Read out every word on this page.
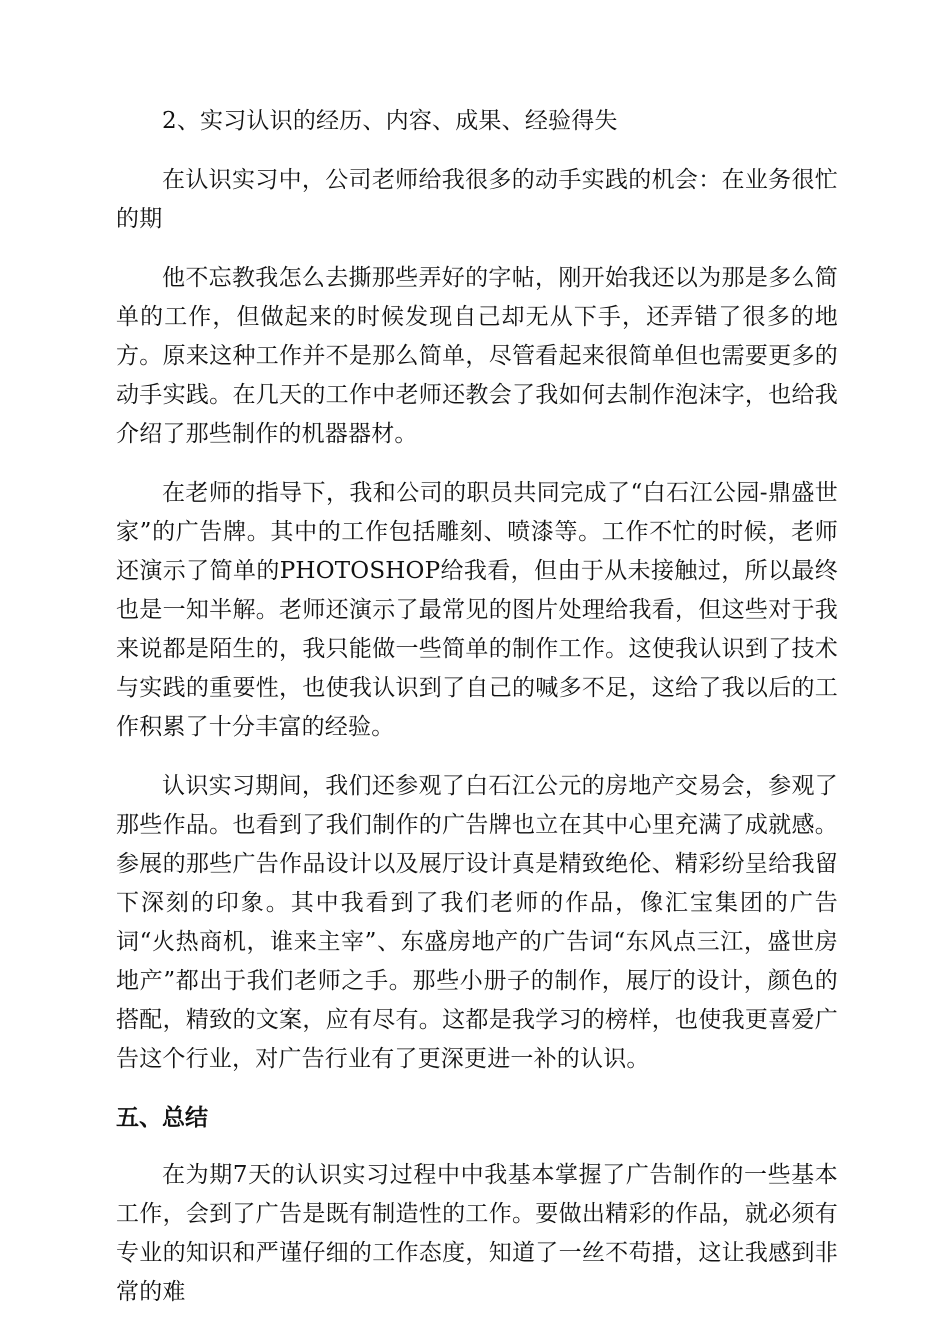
2、实习认识的经历、内容、成果、经验得失

在认识实习中，公司老师给我很多的动手实践的机会：在业务很忙的期

他不忘教我怎么去撕那些弄好的字帖，刚开始我还以为那是多么简单的工作，但做起来的时候发现自己却无从下手，还弄错了很多的地方。原来这种工作并不是那么简单，尽管看起来很简单但也需要更多的动手实践。在几天的工作中老师还教会了我如何去制作泡沫字，也给我介绍了那些制作的机器器材。

在老师的指导下，我和公司的职员共同完成了“白石江公园-鼎盛世家”的广告牌。其中的工作包括雕刻、喷漆等。工作不忙的时候，老师还演示了简单的PHOTOSHOP给我看，但由于从未接触过，所以最终也是一知半解。老师还演示了最常见的图片处理给我看，但这些对于我来说都是陌生的，我只能做一些简单的制作工作。这使我认识到了技术与实践的重要性，也使我认识到了自己的喊多不足，这给了我以后的工作积累了十分丰富的经验。

认识实习期间，我们还参观了白石江公元的房地产交易会，参观了那些作品。也看到了我们制作的广告牌也立在其中心里充满了成就感。参展的那些广告作品设计以及展厅设计真是精致绝伦、精彩纷呈给我留下深刻的印象。其中我看到了我们老师的作品，像汇宝集团的广告词“火热商机，谁来主宰”、东盛房地产的广告词“东风点三江，盛世房地产”都出于我们老师之手。那些小册子的制作，展厅的设计，颜色的搭配，精致的文案，应有尽有。这都是我学习的榜样，也使我更喜爱广告这个行业，对广告行业有了更深更进一补的认识。

五、总结

在为期7天的认识实习过程中中我基本掌握了广告制作的一些基本工作，会到了广告是既有制造性的工作。要做出精彩的作品，就必须有专业的知识和严谨仔细的工作态度，知道了一丝不苟措，这让我感到非常的难
